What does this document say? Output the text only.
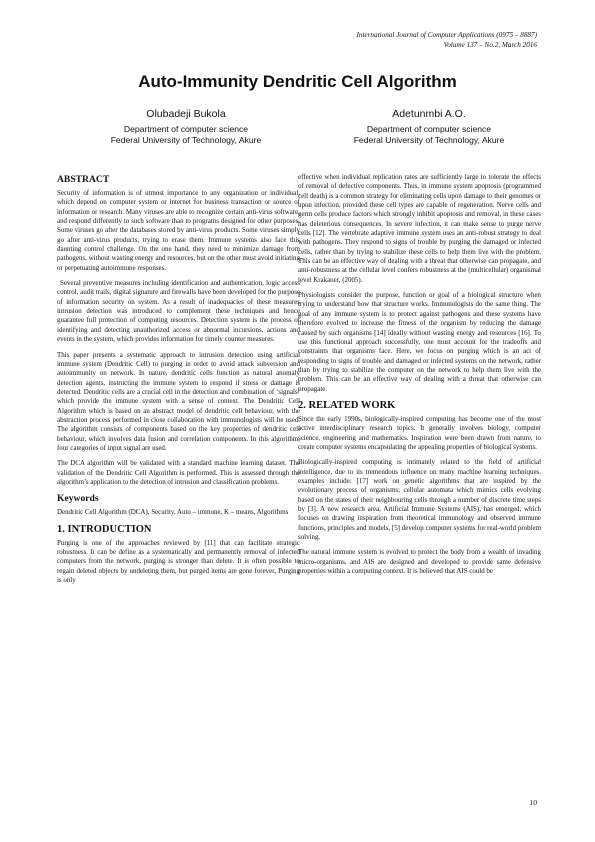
International Journal of Computer Applications (0975 – 8887)
Volume 137 – No.2, March 2016
Auto-Immunity Dendritic Cell Algorithm
Olubadeji Bukola
Department of computer science
Federal University of Technology, Akure
Adetunmbi A.O.
Department of computer science
Federal University of Technology, Akure
ABSTRACT

Security of information is of utmost importance to any organization or individual, which depend on computer system or internet for business transaction or source of information or research. Many viruses are able to recognize certain anti-virus software, and respond differently to such software than to programs designed for other purposes. Some viruses go after the databases stored by anti-virus products. Some viruses simply go after anti-virus products, trying to erase them. Immune systems also face this daunting control challenge. On the one hand, they need to minimize damage from pathogens, without wasting energy and resources, but on the other must avoid initiating or perpetuating autoimmune responses.

Several preventive measures including identification and authentication, logic access control, audit trails, digital signature and firewalls have been developed for the purpose of information security on system. As a result of inadequacies of these measures intrusion detection was introduced to complement these techniques and hence guarantee full protection of computing resources. Detection system is the process of identifying and detecting unauthorized access or abnormal incursions, actions and events in the system, which provides information for timely counter measures.

This paper presents a systematic approach to intrusion detection using artificial immune system (Dendritic Cell) to purging in order to avoid attack subversion and autoimmunity on network. In nature, dendritic cells function as natural anomaly detection agents, instructing the immune system to respond if stress or damage is detected. Dendritic cells are a crucial cell in the detection and combination of ‘signals’ which provide the immune system with a sense of context. The Dendritic Cell Algorithm which is based on an abstract model of dendritic cell behaviour, with the abstraction process performed in close collaboration with immunologists will be used. The algorithm consists of components based on the key properties of dendritic cell behaviour, which involves data fusion and correlation components. In this algorithm, four categories of input signal are used.

The DCA algorithm will be validated with a standard machine learning dataset. The validation of the Dendritic Cell Algorithm is performed. This is assessed through the algorithm’s application to the detection of intrusion and classification problems.

Keywords

Dendritic Cell Algorithm (DCA), Security, Auto – immune, K – means, Algorithms

1. INTRODUCTION

Purging is one of the approaches reviewed by [11] that can facilitate strategic robustness. It can be define as a systematically and permanently removal of infected computers from the network, purging is stronger than delete. It is often possible to regain deleted objects by undeleting them, but purged items are gone forever, Purging is only

effective when individual replication rates are sufficiently large to tolerate the effects of removal of defective components. Thus, in immune system apoptosis (programmed cell death) is a common strategy for eliminating cells upon damage to their genomes or upon infection, provided these cell types are capable of regeneration. Nerve cells and germ cells produce factors which strongly inhibit apoptosis and removal, in these cases has deleterious consequences. In severe infection, it can make sense to purge nerve cells [12]. The vertebrate adaptive immune system uses an anti-robust strategy to deal with pathogens. They respond to signs of trouble by purging the damaged or infected cells, rather than by trying to stabilize these cells to help them live with the problem. This can be an effective way of dealing with a threat that otherwise can propagate, and anti-robustness at the cellular level confers robustness at the (multicellular) organismal level Krakauer, (2005).

Physiologists consider the purpose, function or goal of a biological structure when trying to understand how that structure works. Immunologists do the same thing. The goal of any immune system is to protect against pathogens and these systems have therefore evolved to increase the fitness of the organism by reducing the damage caused by such organisms [14] ideally without wasting energy and resources [16]. To use this functional approach successfully, one must account for the tradeoffs and constraints that organisms face. Here, we focus on purging which is an act of responding to signs of trouble and damaged or infected systems on the network, rather than by trying to stabilize the computer on the network to help them live with the problem. This can be an effective way of dealing with a threat that otherwise can propagate.

2. RELATED WORK

Since the early 1990s, biologically-inspired computing has become one of the most active interdisciplinary research topics. It generally involves biology, computer science, engineering and mathematics. Inspiration were been drawn from nature, to create computer systems encapsulating the appealing properties of biological systems.

Biologically-inspired computing is intimately related to the field of artificial intelligence, due to its tremendous influence on many machine learning techniques. examples include: [17] work on genetic algorithms that are inspired by the evolutionary process of organisms; cellular automata which mimics cells evolving based on the states of their neighbouring cells through a number of discrete time steps by [3]. A new research area, Artificial Immune Systems (AIS), has emerged, which focuses on drawing inspiration from theoretical immunology and observed immune functions, principles and models, [5] develop computer systems for real-world problem solving.

The natural immune system is evolved to protect the body from a wealth of invading micro-organisms, and AIS are designed and developed to provide same defensive properties within a computing context. It is believed that AIS could be

10
